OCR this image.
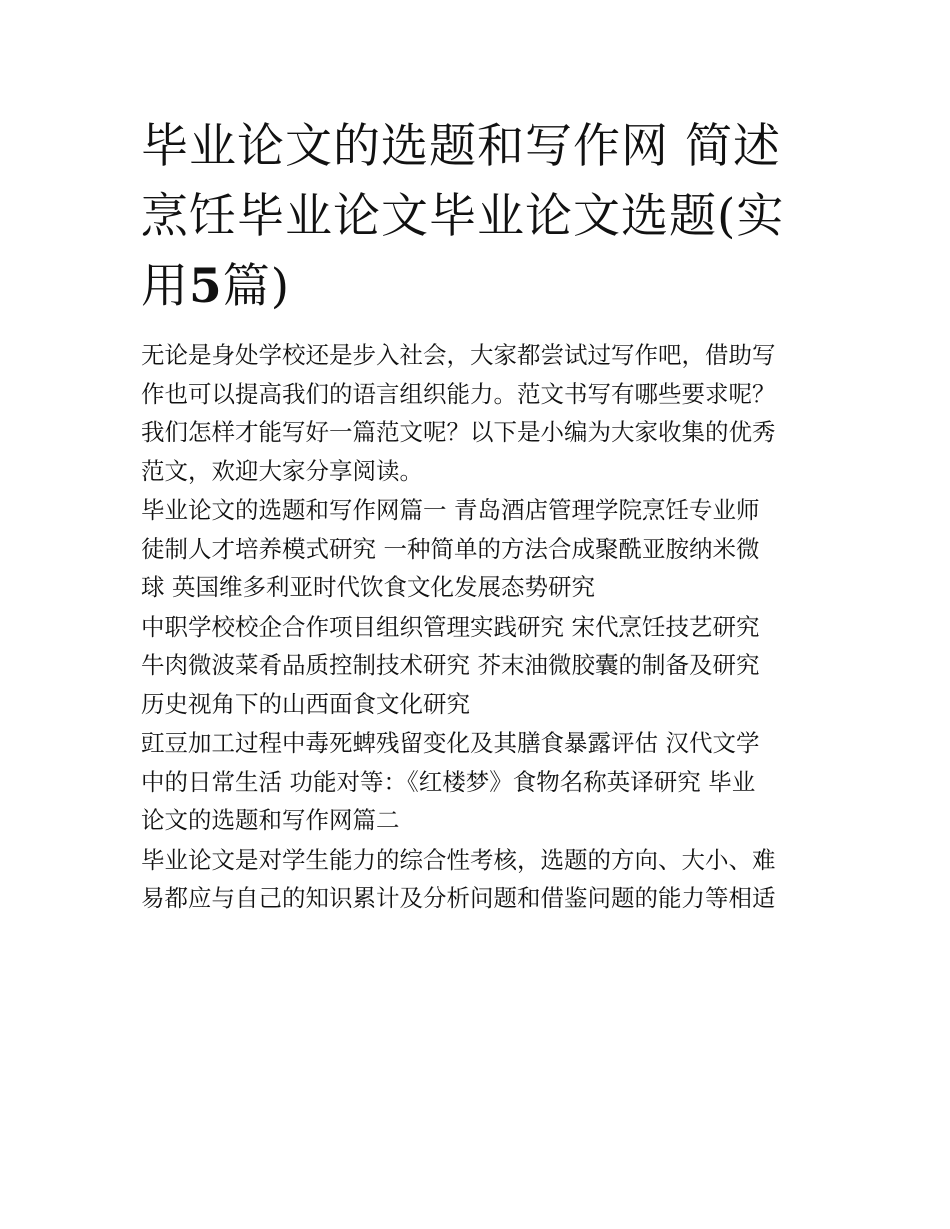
毕业论文的选题和写作网 简述
烹饪毕业论文毕业论文选题(实
用5篇)

无论是身处学校还是步入社会，大家都尝试过写作吧，借助写
作也可以提高我们的语言组织能力。范文书写有哪些要求呢？
我们怎样才能写好一篇范文呢？以下是小编为大家收集的优秀
范文，欢迎大家分享阅读。

毕业论文的选题和写作网篇一 青岛酒店管理学院烹饪专业师
徒制人才培养模式研究 一种简单的方法合成聚酰亚胺纳米微
球 英国维多利亚时代饮食文化发展态势研究

中职学校校企合作项目组织管理实践研究 宋代烹饪技艺研究
牛肉微波菜肴品质控制技术研究 芥末油微胶囊的制备及研究
历史视角下的山西面食文化研究

豇豆加工过程中毒死蜱残留变化及其膳食暴露评估 汉代文学
中的日常生活 功能对等：《红楼梦》食物名称英译研究 毕业
论文的选题和写作网篇二

毕业论文是对学生能力的综合性考核，选题的方向、大小、难
易都应与自己的知识累计及分析问题和借鉴问题的能力等相适
